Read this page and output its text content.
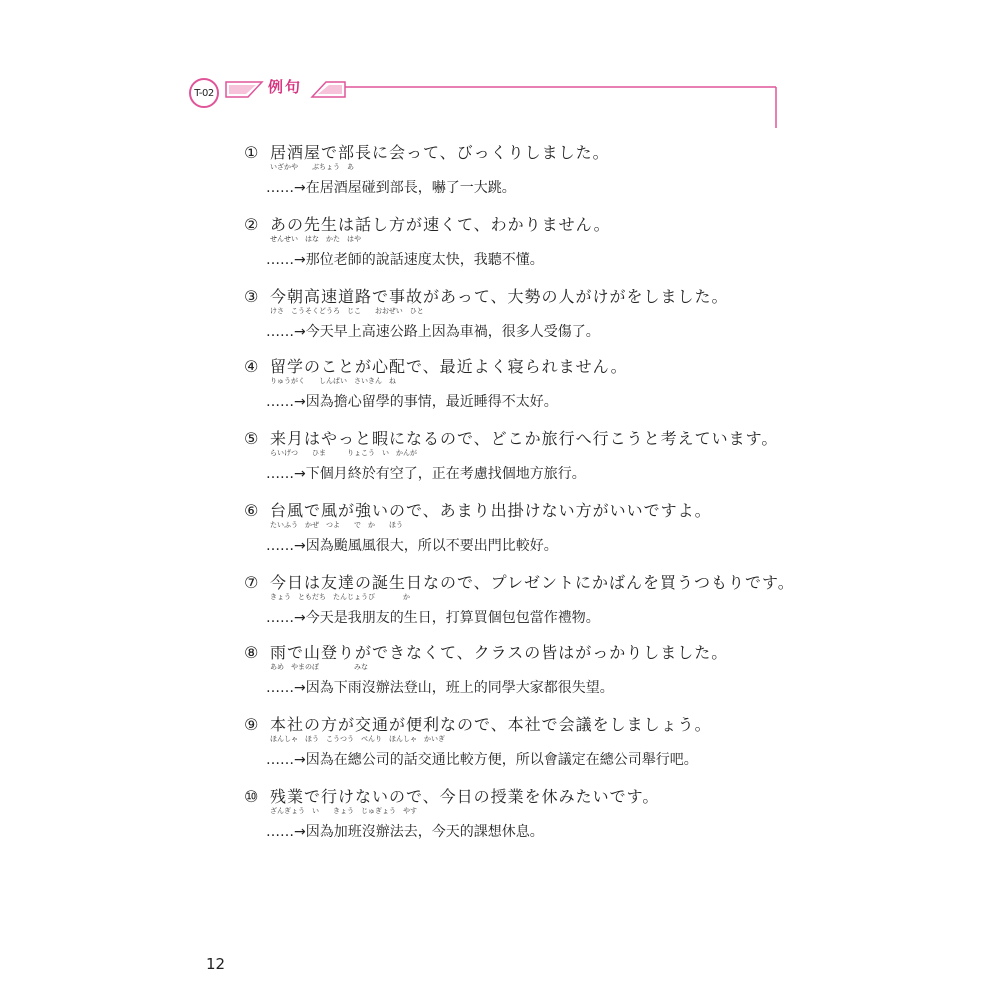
T-02	例句
① 居酒屋で部長に会って、びっくりしました。
いざかや　　ぶちょう　あ
……→在居酒屋碰到部長，嚇了一大跳。
② あの先生は話し方が速くて、わかりません。
せんせい　はな　かた　はや
……→那位老師的說話速度太快，我聽不懂。
③ 今朝高速道路で事故があって、大勢の人がけがをしました。
けさ　こうそくどうろ　じこ　　おおぜい　ひと
……→今天早上高速公路上因為車禍，很多人受傷了。
④ 留学のことが心配で、最近よく寝られません。
りゅうがく　　しんぱい　さいきん　ね
……→因為擔心留學的事情，最近睡得不太好。
⑤ 来月はやっと暇になるので、どこか旅行へ行こうと考えています。
らいげつ　　ひま　　　りょこう　い　かんが
……→下個月終於有空了，正在考慮找個地方旅行。
⑥ 台風で風が強いので、あまり出掛けない方がいいですよ。
たいふう　かぜ　つよ　　で　か　　ほう
……→因為颱風風很大，所以不要出門比較好。
⑦ 今日は友達の誕生日なので、プレゼントにかばんを買うつもりです。
きょう　ともだち　たんじょうび　　　　か
……→今天是我朋友的生日，打算買個包包當作禮物。
⑧ 雨で山登りができなくて、クラスの皆はがっかりしました。
あめ　やまのぼ　　　　　みな
……→因為下雨沒辦法登山，班上的同學大家都很失望。
⑨ 本社の方が交通が便利なので、本社で会議をしましょう。
ほんしゃ　ほう　こうつう　べんり　ほんしゃ　かいぎ
……→因為在總公司的話交通比較方便，所以會議定在總公司舉行吧。
⑩ 残業で行けないので、今日の授業を休みたいです。
ざんぎょう　い　　きょう　じゅぎょう　やす
……→因為加班沒辦法去，今天的課想休息。
12
